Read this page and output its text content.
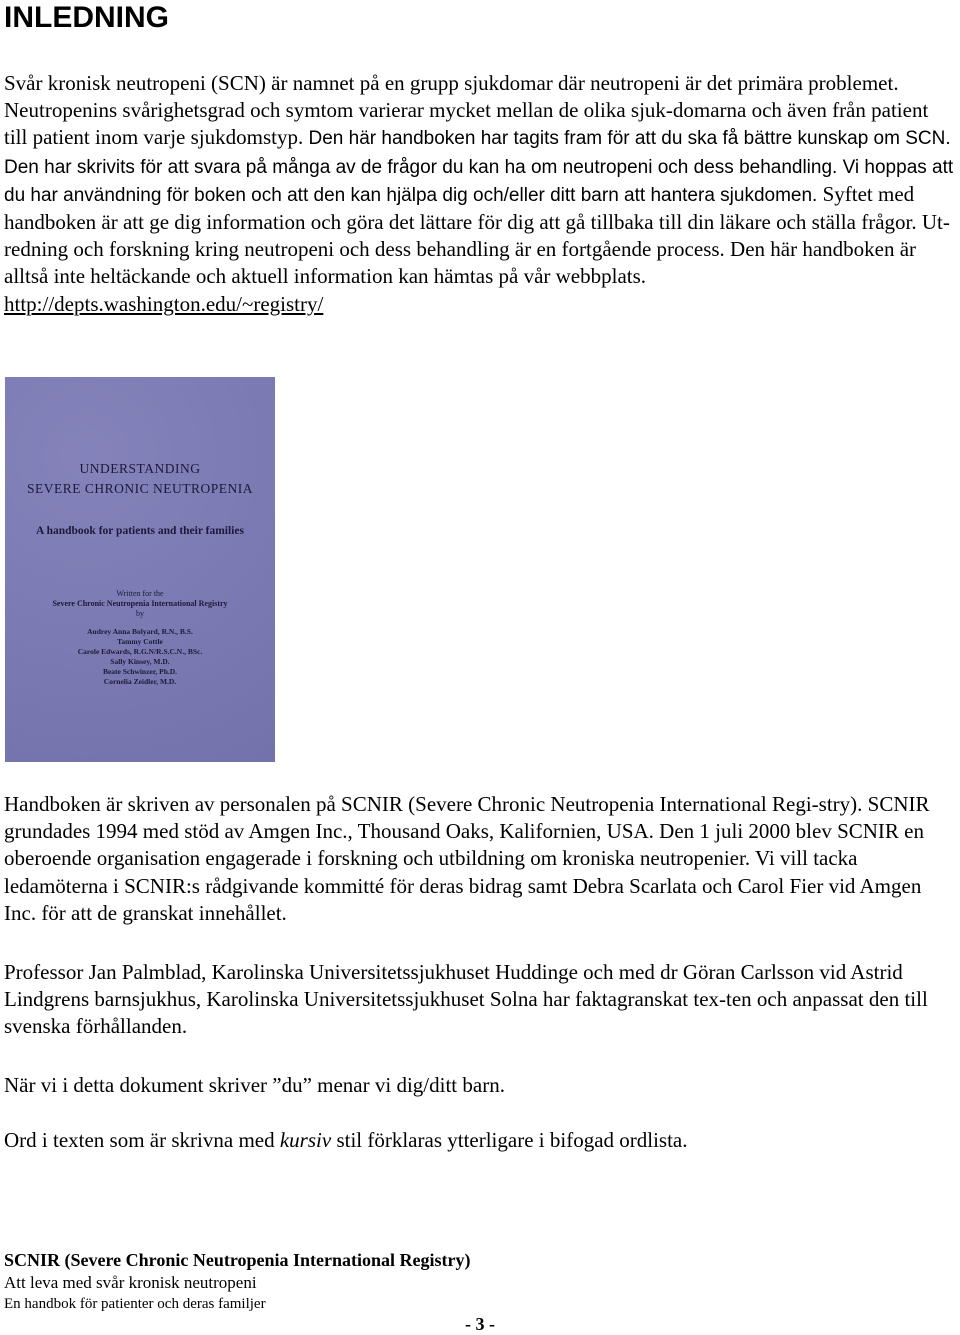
INLEDNING

Svår kronisk neutropeni (SCN) är namnet på en grupp sjukdomar där neutropeni är det primära problemet. Neutropenins svårighetsgrad och symtom varierar mycket mellan de olika sjuk-domarna och även från patient till patient inom varje sjukdomstyp. Den här handboken har tagits fram för att du ska få bättre kunskap om SCN. Den har skrivits för att svara på många av de frågor du kan ha om neutropeni och dess behandling. Vi hoppas att du har användning för boken och att den kan hjälpa dig och/eller ditt barn att hantera sjukdomen. Syftet med handboken är att ge dig information och göra det lättare för dig att gå tillbaka till din läkare och ställa frågor. Ut-redning och forskning kring neutropeni och dess behandling är en fortgående process. Den här handboken är alltså inte heltäckande och aktuell information kan hämtas på vår webbplats. http://depts.washington.edu/~registry/

UNDERSTANDING

SEVERE CHRONIC NEUTROPENIA

A handbook for patients and their families

Written for the

Severe Chronic Neutropenia International Registry

by

Audrey Anna Bolyard, R.N., B.S.

Tammy Cottle

Carole Edwards, R.G.N/R.S.C.N., BSc.

Sally Kinsey, M.D.

Beate Schwinzer, Ph.D.

Cornelia Zeidler, M.D.

Handboken är skriven av personalen på SCNIR (Severe Chronic Neutropenia International Regi-stry). SCNIR grundades 1994 med stöd av Amgen Inc., Thousand Oaks, Kalifornien, USA. Den 1 juli 2000 blev SCNIR en oberoende organisation engagerade i forskning och utbildning om kroniska neutropenier. Vi vill tacka ledamöterna i SCNIR:s rådgivande kommitté för deras bidrag samt Debra Scarlata och Carol Fier vid Amgen Inc. för att de granskat innehållet.

Professor Jan Palmblad, Karolinska Universitetssjukhuset Huddinge och med dr Göran Carlsson vid Astrid Lindgrens barnsjukhus, Karolinska Universitetssjukhuset Solna har faktagranskat tex-ten och anpassat den till svenska förhållanden.

När vi i detta dokument skriver ”du” menar vi dig/ditt barn.

Ord i texten som är skrivna med kursiv stil förklaras ytterligare i bifogad ordlista.

SCNIR (Severe Chronic Neutropenia International Registry)

Att leva med svår kronisk neutropeni

En handbok för patienter och deras familjer

- 3 -
